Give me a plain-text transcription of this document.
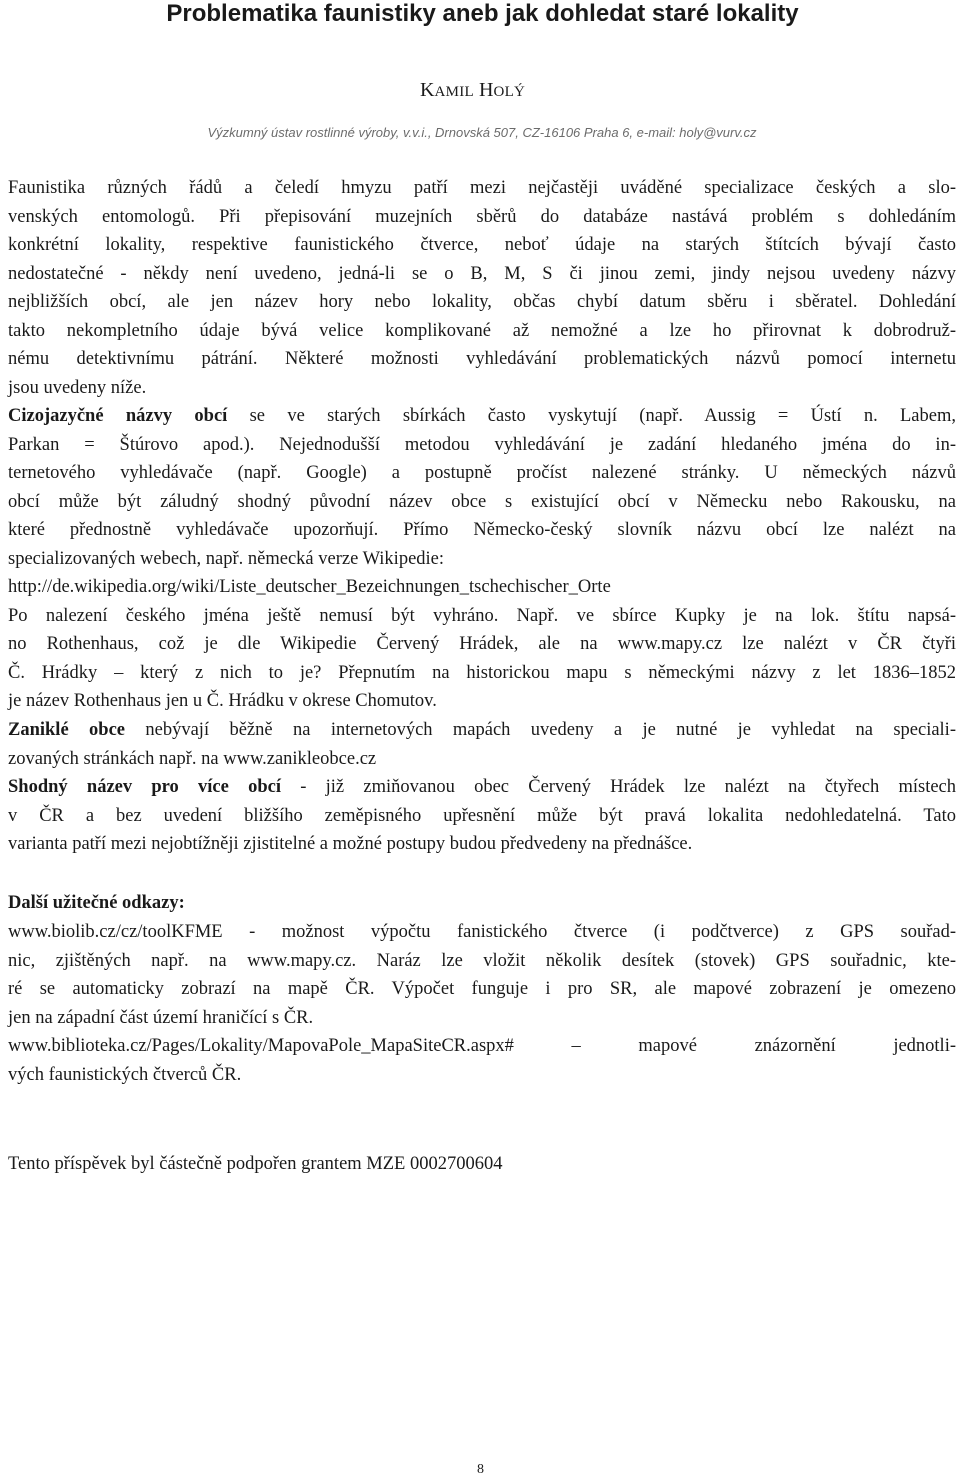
Problematika faunistiky aneb jak dohledat staré lokality
KAMIL HOLÝ
Výzkumný ústav rostlinné výroby, v.v.i., Drnovská 507, CZ-16106 Praha 6, e-mail: holy@vurv.cz
Faunistika různých řádů a čeledí hmyzu patří mezi nejčastěji uváděné specializace českých a slo-
venských entomologů. Při přepisování muzejních sběrů do databáze nastává problém s dohledáním
konkrétní lokality, respektive faunistického čtverce, neboť údaje na starých štítcích bývají často
nedostatečné - někdy není uvedeno, jedná-li se o B, M, S či jinou zemi, jindy nejsou uvedeny názvy
nejbližších obcí, ale jen název hory nebo lokality, občas chybí datum sběru i sběratel. Dohledání
takto nekompletního údaje bývá velice komplikované až nemožné a lze ho přirovnat k dobrodruž-
nému detektivnímu pátrání. Některé možnosti vyhledávání problematických názvů pomocí internetu
jsou uvedeny níže.
Cizojazyčné názvy obcí se ve starých sbírkách často vyskytují (např. Aussig = Ústí n. Labem,
Parkan = Štúrovo apod.). Nejednodušší metodou vyhledávání je zadání hledaného jména do in-
ternetového vyhledávače (např. Google) a postupně pročíst nalezené stránky. U německých názvů
obcí může být záludný shodný původní název obce s existující obcí v Německu nebo Rakousku, na
které přednostně vyhledávače upozorňují. Přímo Německo-český slovník názvu obcí lze nalézt na
specializovaných webech, např. německá verze Wikipedie:
http://de.wikipedia.org/wiki/Liste_deutscher_Bezeichnungen_tschechischer_Orte
Po nalezení českého jména ještě nemusí být vyhráno. Např. ve sbírce Kupky je na lok. štítu napsá-
no Rothenhaus, což je dle Wikipedie Červený Hrádek, ale na www.mapy.cz lze nalézt v ČR čtyři
Č. Hrádky – který z nich to je? Přepnutím na historickou mapu s německými názvy z let 1836–1852
je název Rothenhaus jen u Č. Hrádku v okrese Chomutov.
Zaniklé obce nebývají běžně na internetových mapách uvedeny a je nutné je vyhledat na speciali-
zovaných stránkách např. na www.zanikleobce.cz
Shodný název pro více obcí - již zmiňovanou obec Červený Hrádek lze nalézt na čtyřech místech
v ČR a bez uvedení bližšího zeměpisného upřesnění může být pravá lokalita nedohledatelná. Tato
varianta patří mezi nejobtížněji zjistitelné a možné postupy budou předvedeny na přednášce.
Další užitečné odkazy:
www.biolib.cz/cz/toolKFME - možnost výpočtu fanistického čtverce (i podčtverce) z GPS souřad-
nic, zjištěných např. na www.mapy.cz. Naráz lze vložit několik desítek (stovek) GPS souřadnic, kte-
ré se automaticky zobrazí na mapě ČR. Výpočet funguje i pro SR, ale mapové zobrazení je omezeno
jen na západní část území hraničící s ČR.
www.biblioteka.cz/Pages/Lokality/MapovaPole_MapaSiteCR.aspx# – mapové znázornění jednotli-
vých faunistických čtverců ČR.
Tento příspěvek byl částečně podpořen grantem MZE 0002700604
8
